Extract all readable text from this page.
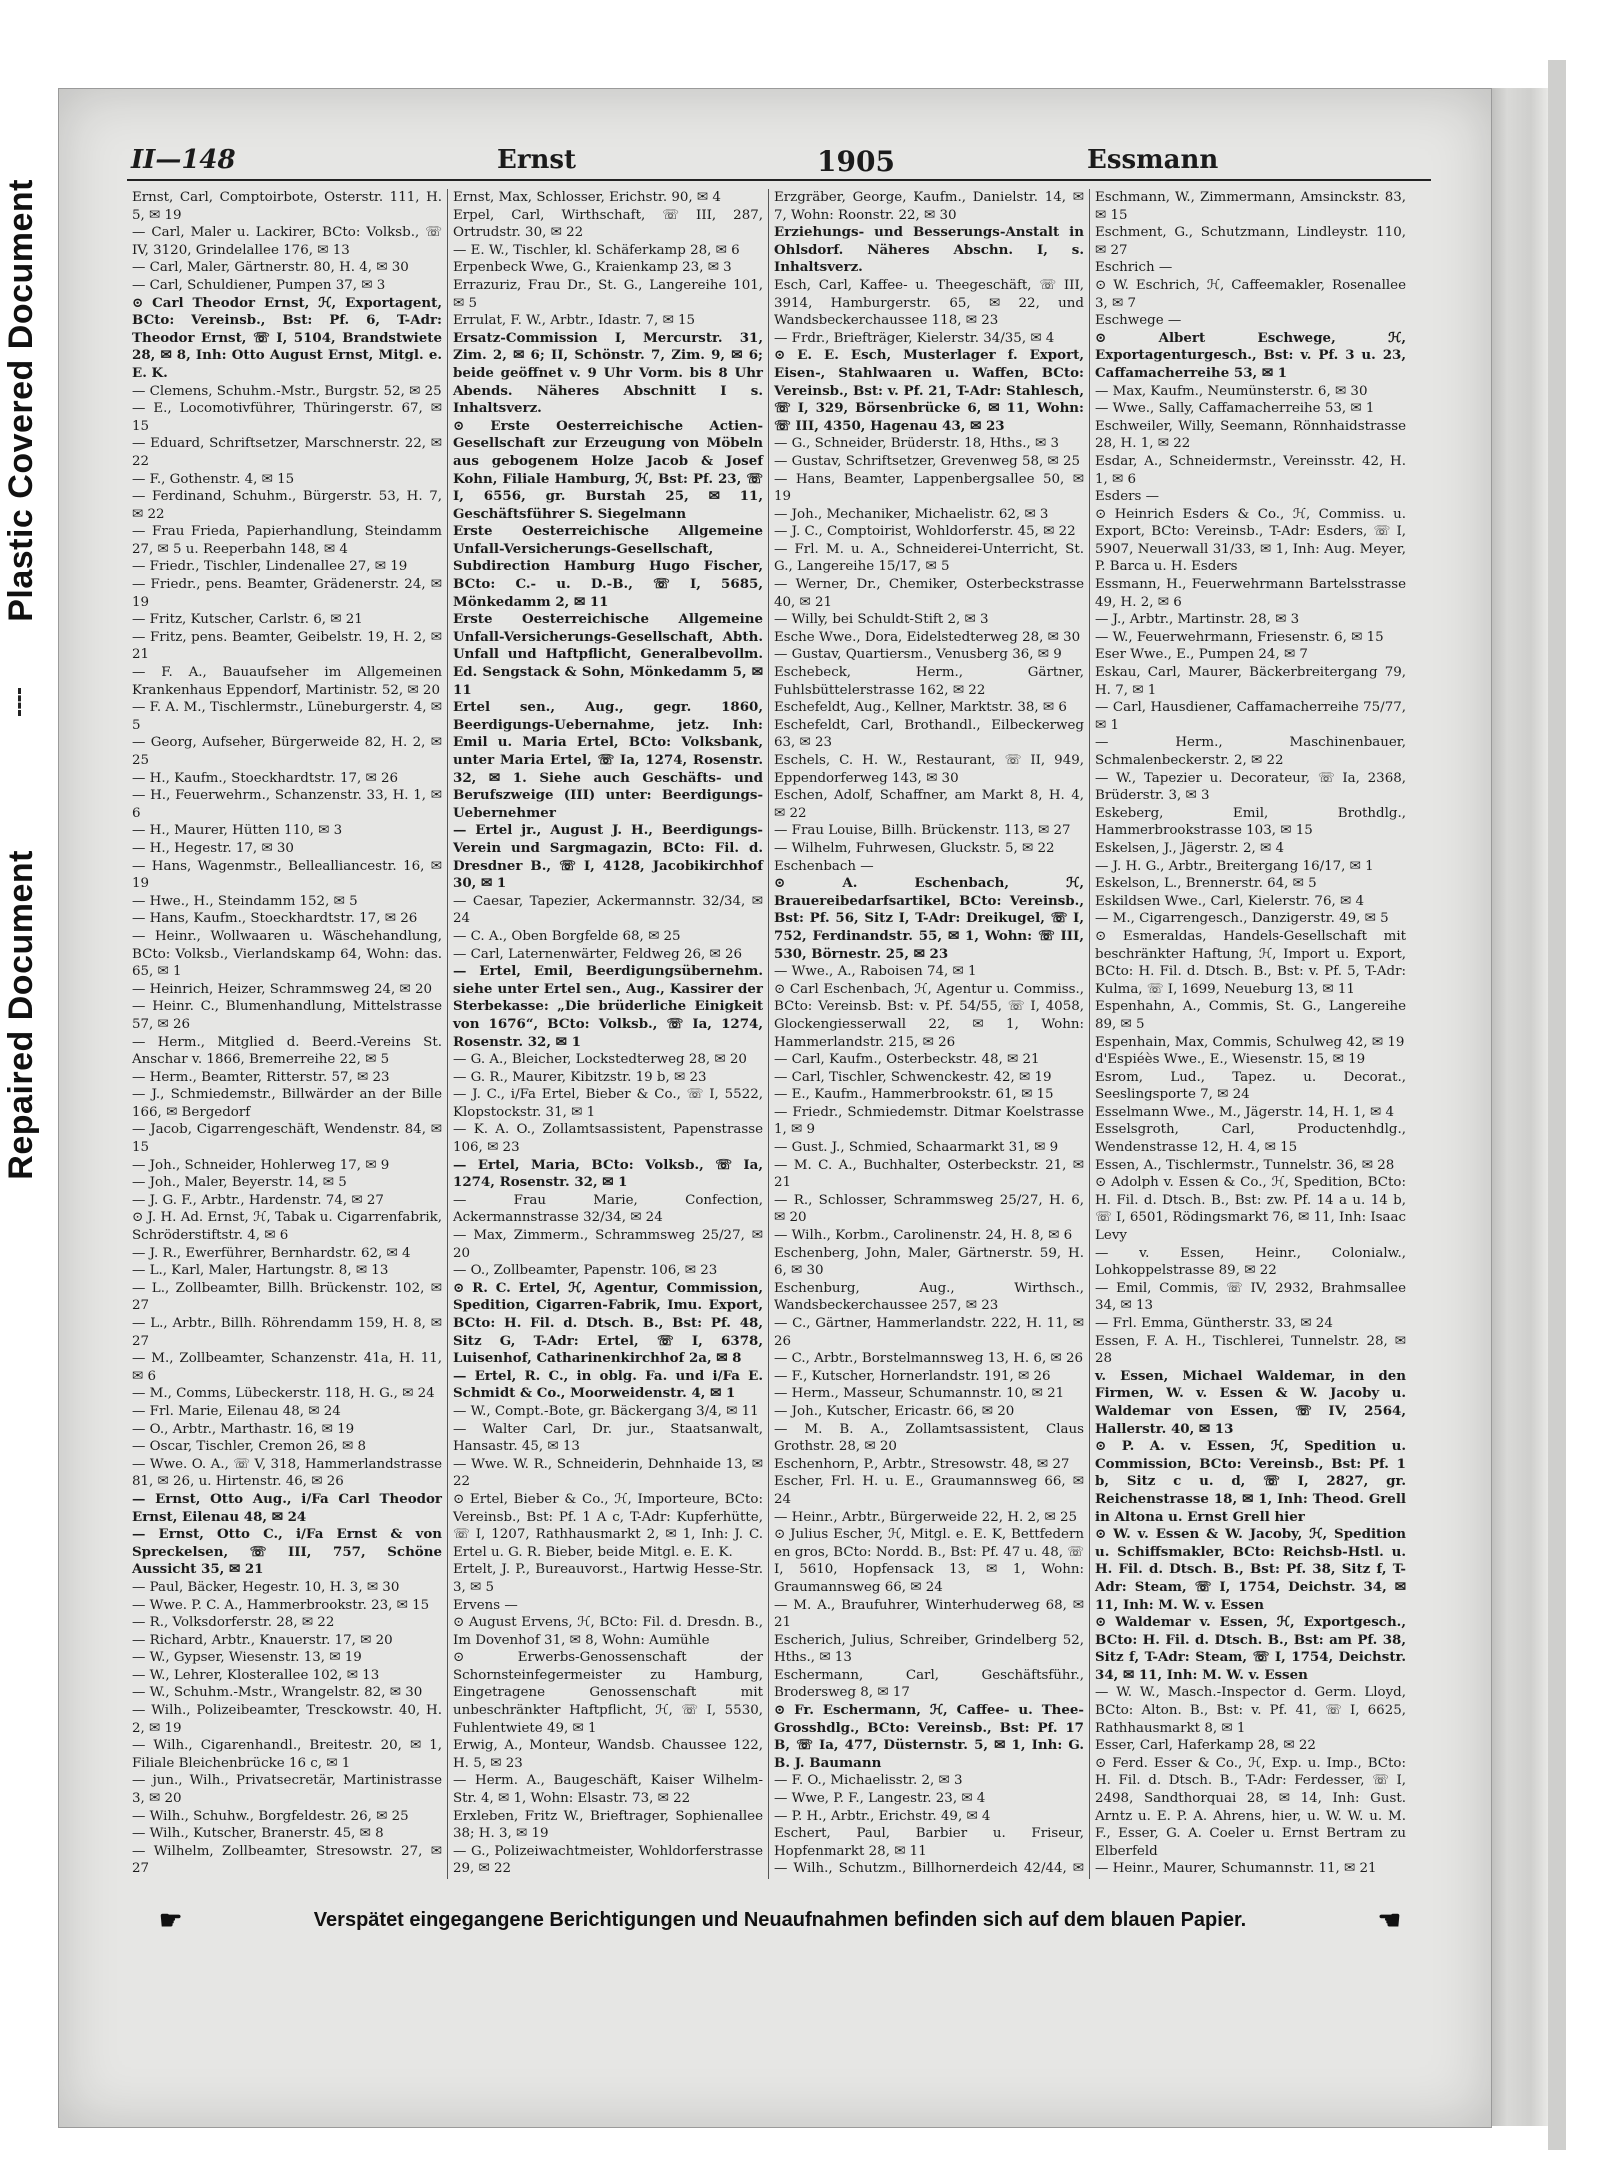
Plastic Covered Document
Repaired Document
II—148	Ernst	1905	Essmann

Ernst, Carl, Comptoirbote, Osterstr. 111, H. 5, ✉ 19

— Carl, Maler u. Lackirer, BCto: Volksb., ☏ IV, 3120, Grindelallee 176, ✉ 13

— Carl, Maler, Gärtnerstr. 80, H. 4, ✉ 30

— Carl, Schuldiener, Pumpen 37, ✉ 3

⊙ Carl Theodor Ernst, ℋ, Exportagent, BCto: Vereinsb., Bst: Pf. 6, T-Adr: Theodor Ernst, ☏ I, 5104, Brandstwiete 28, ✉ 8, Inh: Otto August Ernst, Mitgl. e. E. K.

— Clemens, Schuhm.-Mstr., Burgstr. 52, ✉ 25

— E., Locomotivführer, Thüringerstr. 67, ✉ 15

— Eduard, Schriftsetzer, Marschnerstr. 22, ✉ 22

— F., Gothenstr. 4, ✉ 15

— Ferdinand, Schuhm., Bürgerstr. 53, H. 7, ✉ 22

— Frau Frieda, Papierhandlung, Steindamm 27, ✉ 5 u. Reeperbahn 148, ✉ 4

— Friedr., Tischler, Lindenallee 27, ✉ 19

— Friedr., pens. Beamter, Grädenerstr. 24, ✉ 19

— Fritz, Kutscher, Carlstr. 6, ✉ 21

— Fritz, pens. Beamter, Geibelstr. 19, H. 2, ✉ 21

— F. A., Bauaufseher im Allgemeinen Krankenhaus Eppendorf, Martinistr. 52, ✉ 20

— F. A. M., Tischlermstr., Lüneburgerstr. 4, ✉ 5

— Georg, Aufseher, Bürgerweide 82, H. 2, ✉ 25

— H., Kaufm., Stoeckhardtstr. 17, ✉ 26

— H., Feuerwehrm., Schanzenstr. 33, H. 1, ✉ 6

— H., Maurer, Hütten 110, ✉ 3

— H., Hegestr. 17, ✉ 30

— Hans, Wagenmstr., Bellealliancestr. 16, ✉ 19

— Hwe., H., Steindamm 152, ✉ 5

— Hans, Kaufm., Stoeckhardtstr. 17, ✉ 26

— Heinr., Wollwaaren u. Wäschehandlung, BCto: Volksb., Vierlandskamp 64, Wohn: das. 65, ✉ 1

— Heinrich, Heizer, Schrammsweg 24, ✉ 20

— Heinr. C., Blumenhandlung, Mittelstrasse 57, ✉ 26

— Herm., Mitglied d. Beerd.-Vereins St. Anschar v. 1866, Bremerreihe 22, ✉ 5

— Herm., Beamter, Ritterstr. 57, ✉ 23

— J., Schmiedemstr., Billwärder an der Bille 166, ✉ Bergedorf

— Jacob, Cigarrengeschäft, Wendenstr. 84, ✉ 15

— Joh., Schneider, Hohlerweg 17, ✉ 9

— Joh., Maler, Beyerstr. 14, ✉ 5

— J. G. F., Arbtr., Hardenstr. 74, ✉ 27

⊙ J. H. Ad. Ernst, ℋ, Tabak u. Cigarrenfabrik, Schröderstiftstr. 4, ✉ 6

— J. R., Ewerführer, Bernhardstr. 62, ✉ 4

— L., Karl, Maler, Hartungstr. 8, ✉ 13

— L., Zollbeamter, Billh. Brückenstr. 102, ✉ 27

— L., Arbtr., Billh. Röhrendamm 159, H. 8, ✉ 27

— M., Zollbeamter, Schanzenstr. 41a, H. 11, ✉ 6

— M., Comms, Lübeckerstr. 118, H. G., ✉ 24

— Frl. Marie, Eilenau 48, ✉ 24

— O., Arbtr., Marthastr. 16, ✉ 19

— Oscar, Tischler, Cremon 26, ✉ 8

— Wwe. O. A., ☏ V, 318, Hammerlandstrasse 81, ✉ 26, u. Hirtenstr. 46, ✉ 26

— Ernst, Otto Aug., i/Fa Carl Theodor Ernst, Eilenau 48, ✉ 24

— Ernst, Otto C., i/Fa Ernst & von Spreckelsen, ☏ III, 757, Schöne Aussicht 35, ✉ 21

— Paul, Bäcker, Hegestr. 10, H. 3, ✉ 30

— Wwe. P. C. A., Hammerbrookstr. 23, ✉ 15

— R., Volksdorferstr. 28, ✉ 22

— Richard, Arbtr., Knauerstr. 17, ✉ 20

— W., Gypser, Wiesenstr. 13, ✉ 19

— W., Lehrer, Klosterallee 102, ✉ 13

— W., Schuhm.-Mstr., Wrangelstr. 82, ✉ 30

— Wilh., Polizeibeamter, Tresckowstr. 40, H. 2, ✉ 19

— Wilh., Cigarenhandl., Breitestr. 20, ✉ 1, Filiale Bleichenbrücke 16 c, ✉ 1

— jun., Wilh., Privatsecretär, Martinistrasse 3, ✉ 20

— Wilh., Schuhw., Borgfeldestr. 26, ✉ 25

— Wilh., Kutscher, Branerstr. 45, ✉ 8

— Wilhelm, Zollbeamter, Stresowstr. 27, ✉ 27

Ernst, Max, Schlosser, Erichstr. 90, ✉ 4

Erpel, Carl, Wirthschaft, ☏ III, 287, Ortrudstr. 30, ✉ 22

— E. W., Tischler, kl. Schäferkamp 28, ✉ 6

Erpenbeck Wwe, G., Kraienkamp 23, ✉ 3

Errazuriz, Frau Dr., St. G., Langereihe 101, ✉ 5

Errulat, F. W., Arbtr., Idastr. 7, ✉ 15

Ersatz-Commission I, Mercurstr. 31, Zim. 2, ✉ 6; II, Schönstr. 7, Zim. 9, ✉ 6; beide geöffnet v. 9 Uhr Vorm. bis 8 Uhr Abends. Näheres Abschnitt I s. Inhaltsverz.

⊙ Erste Oesterreichische Actien-Gesellschaft zur Erzeugung von Möbeln aus gebogenem Holze Jacob & Josef Kohn, Filiale Hamburg, ℋ, Bst: Pf. 23, ☏ I, 6556, gr. Burstah 25, ✉ 11, Geschäftsführer S. Siegelmann

Erste Oesterreichische Allgemeine Unfall-Versicherungs-Gesellschaft, Subdirection Hamburg Hugo Fischer, BCto: C.- u. D.-B., ☏ I, 5685, Mönkedamm 2, ✉ 11

Erste Oesterreichische Allgemeine Unfall-Versicherungs-Gesellschaft, Abth. Unfall und Haftpflicht, Generalbevollm. Ed. Sengstack & Sohn, Mönkedamm 5, ✉ 11

Ertel sen., Aug., gegr. 1860, Beerdigungs-Uebernahme, jetz. Inh: Emil u. Maria Ertel, BCto: Volksbank, unter Maria Ertel, ☏ Ia, 1274, Rosenstr. 32, ✉ 1. Siehe auch Geschäfts- und Berufszweige (III) unter: Beerdigungs-Uebernehmer

— Ertel jr., August J. H., Beerdigungs-Verein und Sargmagazin, BCto: Fil. d. Dresdner B., ☏ I, 4128, Jacobikirchhof 30, ✉ 1

— Caesar, Tapezier, Ackermannstr. 32/34, ✉ 24

— C. A., Oben Borgfelde 68, ✉ 25

— Carl, Laternenwärter, Feldweg 26, ✉ 26

— Ertel, Emil, Beerdigungsübernehm. siehe unter Ertel sen., Aug., Kassirer der Sterbekasse: „Die brüderliche Einigkeit von 1676“, BCto: Volksb., ☏ Ia, 1274, Rosenstr. 32, ✉ 1

— G. A., Bleicher, Lockstedterweg 28, ✉ 20

— G. R., Maurer, Kibitzstr. 19 b, ✉ 23

— J. C., i/Fa Ertel, Bieber & Co., ☏ I, 5522, Klopstockstr. 31, ✉ 1

— K. A. O., Zollamtsassistent, Papenstrasse 106, ✉ 23

— Ertel, Maria, BCto: Volksb., ☏ Ia, 1274, Rosenstr. 32, ✉ 1

— Frau Marie, Confection, Ackermannstrasse 32/34, ✉ 24

— Max, Zimmerm., Schrammsweg 25/27, ✉ 20

— O., Zollbeamter, Papenstr. 106, ✉ 23

⊙ R. C. Ertel, ℋ, Agentur, Commission, Spedition, Cigarren-Fabrik, Imu. Export, BCto: H. Fil. d. Dtsch. B., Bst: Pf. 48, Sitz G, T-Adr: Ertel, ☏ I, 6378, Luisenhof, Catharinenkirchhof 2a, ✉ 8

— Ertel, R. C., in oblg. Fa. und i/Fa E. Schmidt & Co., Moorweidenstr. 4, ✉ 1

— W., Compt.-Bote, gr. Bäckergang 3/4, ✉ 11

— Walter Carl, Dr. jur., Staatsanwalt, Hansastr. 45, ✉ 13

— Wwe. W. R., Schneiderin, Dehnhaide 13, ✉ 22

⊙ Ertel, Bieber & Co., ℋ, Importeure, BCto: Vereinsb., Bst: Pf. 1 A c, T-Adr: Kupferhütte, ☏ I, 1207, Rathhausmarkt 2, ✉ 1, Inh: J. C. Ertel u. G. R. Bieber, beide Mitgl. e. E. K.

Ertelt, J. P., Bureauvorst., Hartwig Hesse-Str. 3, ✉ 5

Ervens —

⊙ August Ervens, ℋ, BCto: Fil. d. Dresdn. B., Im Dovenhof 31, ✉ 8, Wohn: Aumühle

⊙ Erwerbs-Genossenschaft der Schornsteinfegermeister zu Hamburg, Eingetragene Genossenschaft mit unbeschränkter Haftpflicht, ℋ, ☏ I, 5530, Fuhlentwiete 49, ✉ 1

Erwig, A., Monteur, Wandsb. Chaussee 122, H. 5, ✉ 23

— Herm. A., Baugeschäft, Kaiser Wilhelm-Str. 4, ✉ 1, Wohn: Elsastr. 73, ✉ 22

Erxleben, Fritz W., Brieftrager, Sophienallee 38; H. 3, ✉ 19

— G., Polizeiwachtmeister, Wohldorferstrasse 29, ✉ 22

Erzgräber, George, Kaufm., Danielstr. 14, ✉ 7, Wohn: Roonstr. 22, ✉ 30

Erziehungs- und Besserungs-Anstalt in Ohlsdorf. Näheres Abschn. I, s. Inhaltsverz.

Esch, Carl, Kaffee- u. Theegeschäft, ☏ III, 3914, Hamburgerstr. 65, ✉ 22, und Wandsbeckerchaussee 118, ✉ 23

— Frdr., Briefträger, Kielerstr. 34/35, ✉ 4

⊙ E. E. Esch, Musterlager f. Export, Eisen-, Stahlwaaren u. Waffen, BCto: Vereinsb., Bst: v. Pf. 21, T-Adr: Stahlesch, ☏ I, 329, Börsenbrücke 6, ✉ 11, Wohn: ☏ III, 4350, Hagenau 43, ✉ 23

— G., Schneider, Brüderstr. 18, Hths., ✉ 3

— Gustav, Schriftsetzer, Grevenweg 58, ✉ 25

— Hans, Beamter, Lappenbergsallee 50, ✉ 19

— Joh., Mechaniker, Michaelistr. 62, ✉ 3

— J. C., Comptoirist, Wohldorferstr. 45, ✉ 22

— Frl. M. u. A., Schneiderei-Unterricht, St. G., Langereihe 15/17, ✉ 5

— Werner, Dr., Chemiker, Osterbeckstrasse 40, ✉ 21

— Willy, bei Schuldt-Stift 2, ✉ 3

Esche Wwe., Dora, Eidelstedterweg 28, ✉ 30

— Gustav, Quartiersm., Venusberg 36, ✉ 9

Eschebeck, Herm., Gärtner, Fuhlsbüttelerstrasse 162, ✉ 22

Eschefeldt, Aug., Kellner, Marktstr. 38, ✉ 6

Eschefeldt, Carl, Brothandl., Eilbeckerweg 63, ✉ 23

Eschels, C. H. W., Restaurant, ☏ II, 949, Eppendorferweg 143, ✉ 30

Eschen, Adolf, Schaffner, am Markt 8, H. 4, ✉ 22

— Frau Louise, Billh. Brückenstr. 113, ✉ 27

— Wilhelm, Fuhrwesen, Gluckstr. 5, ✉ 22

Eschenbach —

⊙ A. Eschenbach, ℋ, Brauereibedarfsartikel, BCto: Vereinsb., Bst: Pf. 56, Sitz I, T-Adr: Dreikugel, ☏ I, 752, Ferdinandstr. 55, ✉ 1, Wohn: ☏ III, 530, Börnestr. 25, ✉ 23

— Wwe., A., Raboisen 74, ✉ 1

⊙ Carl Eschenbach, ℋ, Agentur u. Commiss., BCto: Vereinsb. Bst: v. Pf. 54/55, ☏ I, 4058, Glockengiesserwall 22, ✉ 1, Wohn: Hammerlandstr. 215, ✉ 26

— Carl, Kaufm., Osterbeckstr. 48, ✉ 21

— Carl, Tischler, Schwenckestr. 42, ✉ 19

— E., Kaufm., Hammerbrookstr. 61, ✉ 15

— Friedr., Schmiedemstr. Ditmar Koelstrasse 1, ✉ 9

— Gust. J., Schmied, Schaarmarkt 31, ✉ 9

— M. C. A., Buchhalter, Osterbeckstr. 21, ✉ 21

— R., Schlosser, Schrammsweg 25/27, H. 6, ✉ 20

— Wilh., Korbm., Carolinenstr. 24, H. 8, ✉ 6

Eschenberg, John, Maler, Gärtnerstr. 59, H. 6, ✉ 30

Eschenburg, Aug., Wirthsch., Wandsbeckerchaussee 257, ✉ 23

— C., Gärtner, Hammerlandstr. 222, H. 11, ✉ 26

— C., Arbtr., Borstelmannsweg 13, H. 6, ✉ 26

— F., Kutscher, Hornerlandstr. 191, ✉ 26

— Herm., Masseur, Schumannstr. 10, ✉ 21

— Joh., Kutscher, Ericastr. 66, ✉ 20

— M. B. A., Zollamtsassistent, Claus Grothstr. 28, ✉ 20

Eschenhorn, P., Arbtr., Stresowstr. 48, ✉ 27

Escher, Frl. H. u. E., Graumannsweg 66, ✉ 24

— Heinr., Arbtr., Bürgerweide 22, H. 2, ✉ 25

⊙ Julius Escher, ℋ, Mitgl. e. E. K, Bettfedern en gros, BCto: Nordd. B., Bst: Pf. 47 u. 48, ☏ I, 5610, Hopfensack 13, ✉ 1, Wohn: Graumannsweg 66, ✉ 24

— M. A., Braufuhrer, Winterhuderweg 68, ✉ 21

Escherich, Julius, Schreiber, Grindelberg 52, Hths., ✉ 13

Eschermann, Carl, Geschäftsführ., Brodersweg 8, ✉ 17

⊙ Fr. Eschermann, ℋ, Caffee- u. Thee-Grosshdlg., BCto: Vereinsb., Bst: Pf. 17 B, ☏ Ia, 477, Düsternstr. 5, ✉ 1, Inh: G. B. J. Baumann

— F. O., Michaelisstr. 2, ✉ 3

— Wwe, P. F., Langestr. 23, ✉ 4

— P. H., Arbtr., Erichstr. 49, ✉ 4

Eschert, Paul, Barbier u. Friseur, Hopfenmarkt 28, ✉ 11

— Wilh., Schutzm., Billhornerdeich 42/44, ✉

Eschmann, W., Zimmermann, Amsinckstr. 83, ✉ 15

Eschment, G., Schutzmann, Lindleystr. 110, ✉ 27

Eschrich —

⊙ W. Eschrich, ℋ, Caffeemakler, Rosenallee 3, ✉ 7

Eschwege —

⊙ Albert Eschwege, ℋ, Exportagenturgesch., Bst: v. Pf. 3 u. 23, Caffamacherreihe 53, ✉ 1

— Max, Kaufm., Neumünsterstr. 6, ✉ 30

— Wwe., Sally, Caffamacherreihe 53, ✉ 1

Eschweiler, Willy, Seemann, Rönnhaidstrasse 28, H. 1, ✉ 22

Esdar, A., Schneidermstr., Vereinsstr. 42, H. 1, ✉ 6

Esders —

⊙ Heinrich Esders & Co., ℋ, Commiss. u. Export, BCto: Vereinsb., T-Adr: Esders, ☏ I, 5907, Neuerwall 31/33, ✉ 1, Inh: Aug. Meyer, P. Barca u. H. Esders

Essmann, H., Feuerwehrmann Bartelsstrasse 49, H. 2, ✉ 6

— J., Arbtr., Martinstr. 28, ✉ 3

— W., Feuerwehrmann, Friesenstr. 6, ✉ 15

Eser Wwe., E., Pumpen 24, ✉ 7

Eskau, Carl, Maurer, Bäckerbreitergang 79, H. 7, ✉ 1

— Carl, Hausdiener, Caffamacherreihe 75/77, ✉ 1

— Herm., Maschinenbauer, Schmalenbeckerstr. 2, ✉ 22

— W., Tapezier u. Decorateur, ☏ Ia, 2368, Brüderstr. 3, ✉ 3

Eskeberg, Emil, Brothdlg., Hammerbrookstrasse 103, ✉ 15

Eskelsen, J., Jägerstr. 2, ✉ 4

— J. H. G., Arbtr., Breitergang 16/17, ✉ 1

Eskelson, L., Brennerstr. 64, ✉ 5

Eskildsen Wwe., Carl, Kielerstr. 76, ✉ 4

— M., Cigarrengesch., Danzigerstr. 49, ✉ 5

⊙ Esmeraldas, Handels-Gesellschaft mit beschränkter Haftung, ℋ, Import u. Export, BCto: H. Fil. d. Dtsch. B., Bst: v. Pf. 5, T-Adr: Kulma, ☏ I, 1699, Neueburg 13, ✉ 11

Espenhahn, A., Commis, St. G., Langereihe 89, ✉ 5

Espenhain, Max, Commis, Schulweg 42, ✉ 19

d'Espiéès Wwe., E., Wiesenstr. 15, ✉ 19

Esrom, Lud., Tapez. u. Decorat., Seeslingsporte 7, ✉ 24

Esselmann Wwe., M., Jägerstr. 14, H. 1, ✉ 4

Esselsgroth, Carl, Productenhdlg., Wendenstrasse 12, H. 4, ✉ 15

Essen, A., Tischlermstr., Tunnelstr. 36, ✉ 28

⊙ Adolph v. Essen & Co., ℋ, Spedition, BCto: H. Fil. d. Dtsch. B., Bst: zw. Pf. 14 a u. 14 b, ☏ I, 6501, Rödingsmarkt 76, ✉ 11, Inh: Isaac Levy

— v. Essen, Heinr., Colonialw., Lohkoppelstrasse 89, ✉ 22

— Emil, Commis, ☏ IV, 2932, Brahmsallee 34, ✉ 13

— Frl. Emma, Güntherstr. 33, ✉ 24

Essen, F. A. H., Tischlerei, Tunnelstr. 28, ✉ 28

v. Essen, Michael Waldemar, in den Firmen, W. v. Essen & W. Jacoby u. Waldemar von Essen, ☏ IV, 2564, Hallerstr. 40, ✉ 13

⊙ P. A. v. Essen, ℋ, Spedition u. Commission, BCto: Vereinsb., Bst: Pf. 1 b, Sitz c u. d, ☏ I, 2827, gr. Reichenstrasse 18, ✉ 1, Inh: Theod. Grell in Altona u. Ernst Grell hier

⊙ W. v. Essen & W. Jacoby, ℋ, Spedition u. Schiffsmakler, BCto: Reichsb-Hstl. u. H. Fil. d. Dtsch. B., Bst: Pf. 38, Sitz f, T-Adr: Steam, ☏ I, 1754, Deichstr. 34, ✉ 11, Inh: M. W. v. Essen

⊙ Waldemar v. Essen, ℋ, Exportgesch., BCto: H. Fil. d. Dtsch. B., Bst: am Pf. 38, Sitz f, T-Adr: Steam, ☏ I, 1754, Deichstr. 34, ✉ 11, Inh: M. W. v. Essen

— W. W., Masch.-Inspector d. Germ. Lloyd, BCto: Alton. B., Bst: v. Pf. 41, ☏ I, 6625, Rathhausmarkt 8, ✉ 1

Esser, Carl, Haferkamp 28, ✉ 22

⊙ Ferd. Esser & Co., ℋ, Exp. u. Imp., BCto: H. Fil. d. Dtsch. B., T-Adr: Ferdesser, ☏ I, 2498, Sandthorquai 28, ✉ 14, Inh: Gust. Arntz u. E. P. A. Ahrens, hier, u. W. W. u. M. F., Esser, G. A. Coeler u. Ernst Bertram zu Elberfeld

— Heinr., Maurer, Schumannstr. 11, ✉ 21

☛	Verspätet eingegangene Berichtigungen und Neuaufnahmen befinden sich auf dem blauen Papier.	☚
